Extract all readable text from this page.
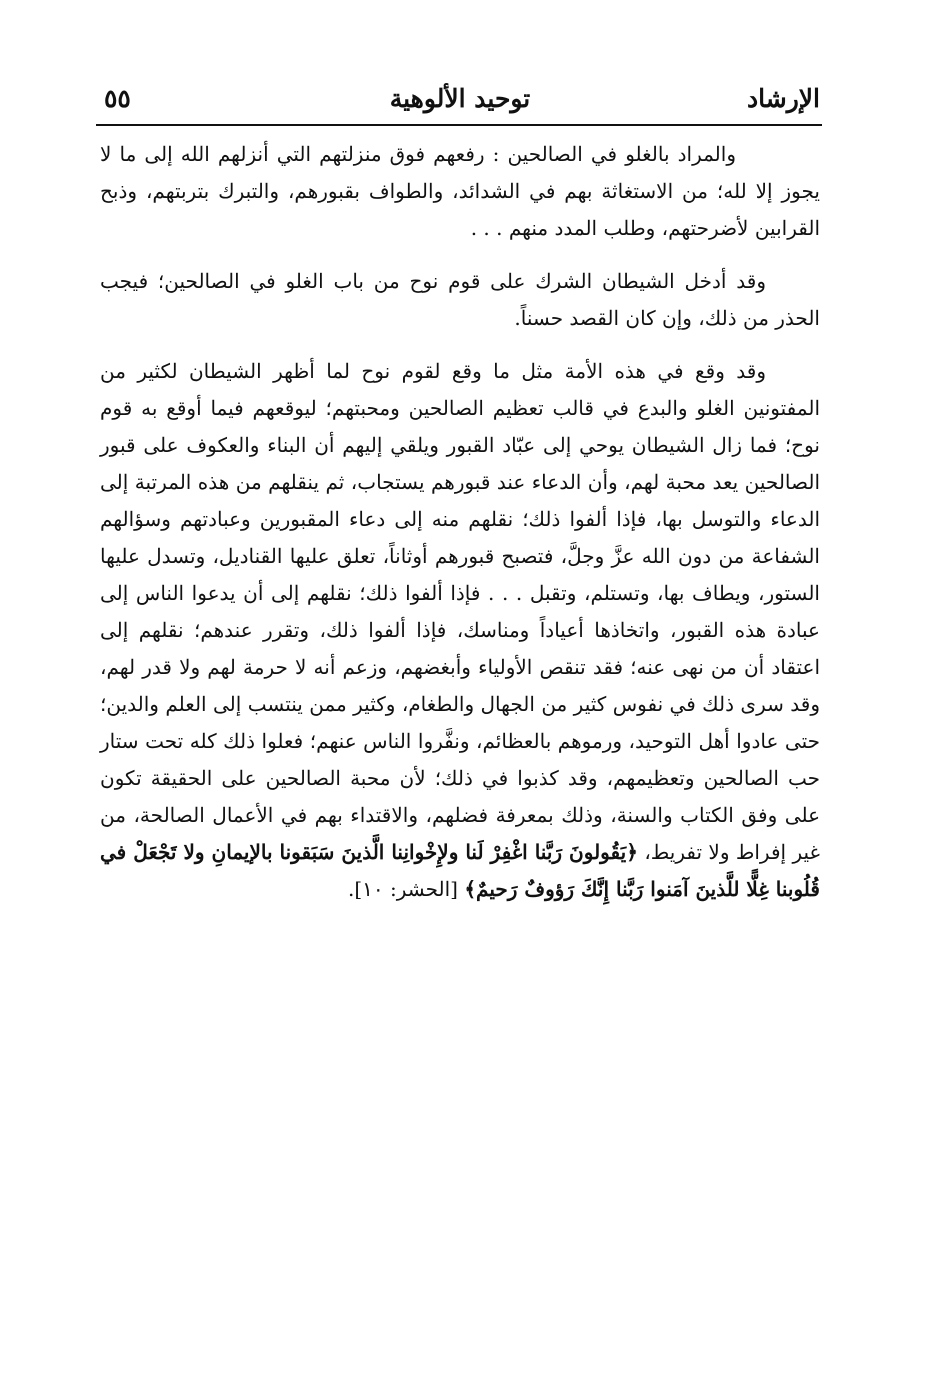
الإرشاد
توحيد الألوهية
٥٥

والمراد بالغلو في الصالحين : رفعهم فوق منزلتهم التي أنزلهم الله إلى ما لا يجوز إلا لله؛ من الاستغاثة بهم في الشدائد، والطواف بقبورهم، والتبرك بتربتهم، وذبح القرابين لأضرحتهم، وطلب المدد منهم . . .

وقد أدخل الشيطان الشرك على قوم نوح من باب الغلو في الصالحين؛ فيجب الحذر من ذلك، وإن كان القصد حسناً.

وقد وقع في هذه الأمة مثل ما وقع لقوم نوح لما أظهر الشيطان لكثير من المفتونين الغلو والبدع في قالب تعظيم الصالحين ومحبتهم؛ ليوقعهم فيما أوقع به قوم نوح؛ فما زال الشيطان يوحي إلى عبّاد القبور ويلقي إليهم أن البناء والعكوف على قبور الصالحين يعد محبة لهم، وأن الدعاء عند قبورهم يستجاب، ثم ينقلهم من هذه المرتبة إلى الدعاء والتوسل بها، فإذا ألفوا ذلك؛ نقلهم منه إلى دعاء المقبورين وعبادتهم وسؤالهم الشفاعة من دون الله عزَّ وجلَّ، فتصبح قبورهم أوثاناً، تعلق عليها القناديل، وتسدل عليها الستور، ويطاف بها، وتستلم، وتقبل . . . فإذا ألفوا ذلك؛ نقلهم إلى أن يدعوا الناس إلى عبادة هذه القبور، واتخاذها أعياداً ومناسك، فإذا ألفوا ذلك، وتقرر عندهم؛ نقلهم إلى اعتقاد أن من نهى عنه؛ فقد تنقص الأولياء وأبغضهم، وزعم أنه لا حرمة لهم ولا قدر لهم، وقد سرى ذلك في نفوس كثير من الجهال والطغام، وكثير ممن ينتسب إلى العلم والدين؛ حتى عادوا أهل التوحيد، ورموهم بالعظائم، ونفَّروا الناس عنهم؛ فعلوا ذلك كله تحت ستار حب الصالحين وتعظيمهم، وقد كذبوا في ذلك؛ لأن محبة الصالحين على الحقيقة تكون على وفق الكتاب والسنة، وذلك بمعرفة فضلهم، والاقتداء بهم في الأعمال الصالحة، من غير إفراط ولا تفريط، ﴿يَقُولونَ رَبَّنا اغْفِرْ لَنا ولإِخْوانِنا الَّذينَ سَبَقونا بالإيمانِ ولا تَجْعَلْ في قُلُوبنا غِلًّا للَّذينَ آمَنوا رَبَّنا إِنَّكَ رَؤوفٌ رَحيمٌ﴾ [الحشر: ١٠].
